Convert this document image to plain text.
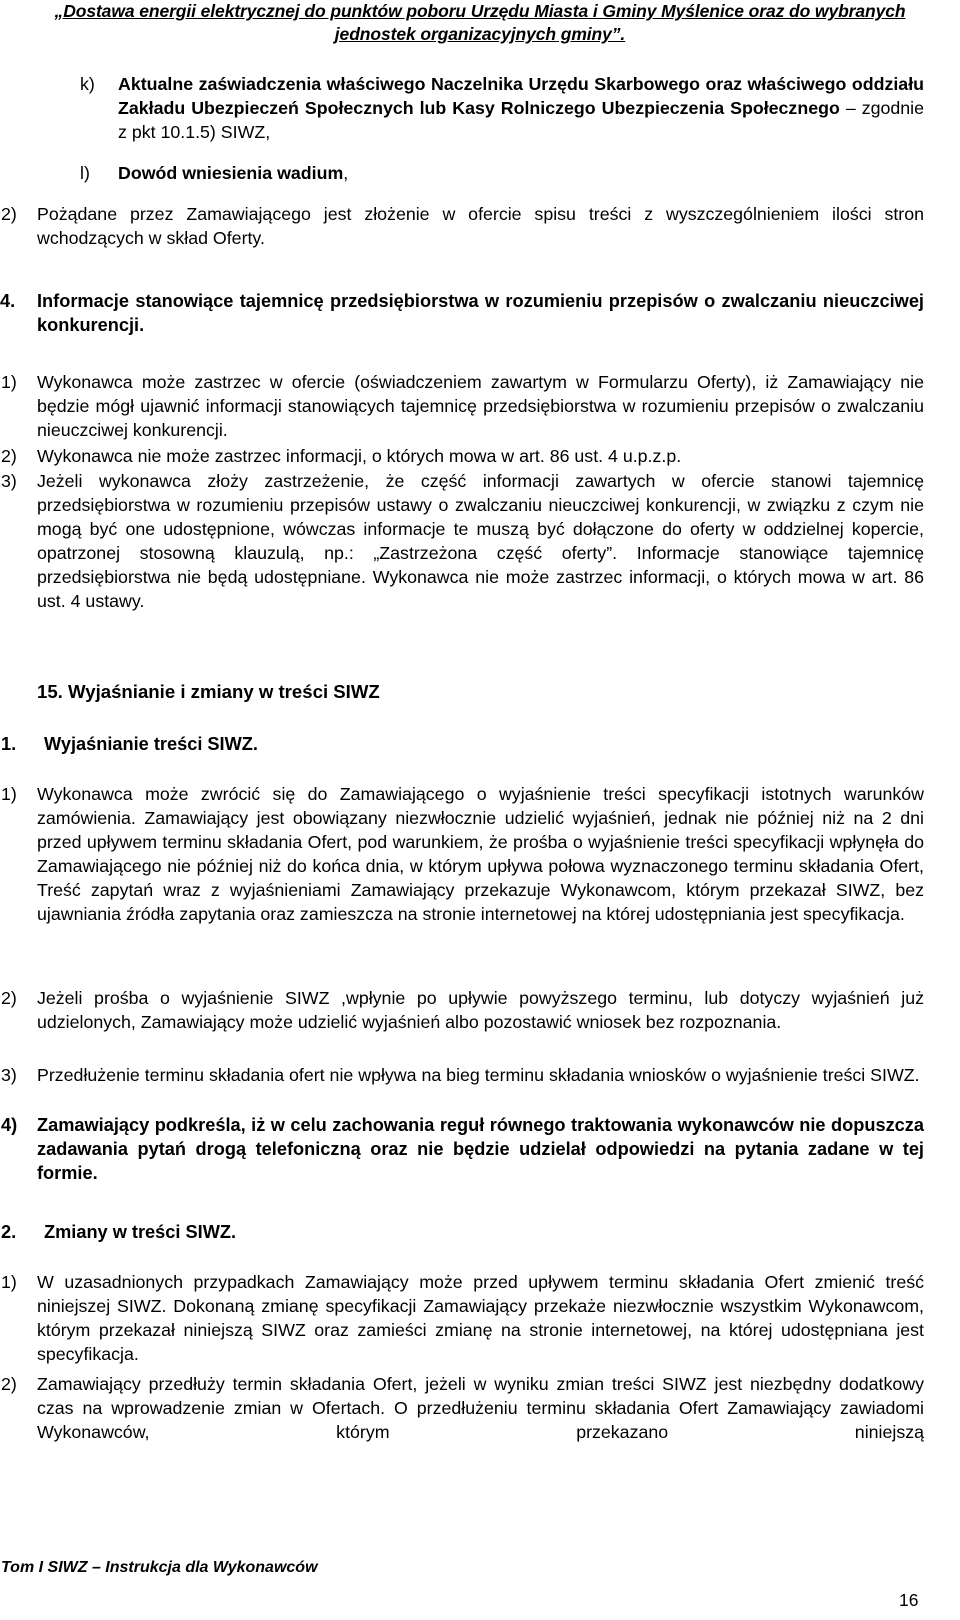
„Dostawa energii elektrycznej do punktów poboru Urzędu Miasta i Gminy Myślenice oraz do wybranych
jednostek organizacyjnych gminy”.
k) Aktualne zaświadczenia właściwego Naczelnika Urzędu Skarbowego oraz właściwego oddziału Zakładu Ubezpieczeń Społecznych lub Kasy Rolniczego Ubezpieczenia Społecznego – zgodnie z pkt 10.1.5) SIWZ,
l) Dowód wniesienia wadium,
2) Pożądane przez Zamawiającego jest złożenie w ofercie spisu treści z wyszczególnieniem ilości stron wchodzących w skład Oferty.
4. Informacje stanowiące tajemnicę przedsiębiorstwa w rozumieniu przepisów o zwalczaniu nieuczciwej konkurencji.
1) Wykonawca może zastrzec w ofercie (oświadczeniem zawartym w Formularzu Oferty), iż Zamawiający nie będzie mógł ujawnić informacji stanowiących tajemnicę przedsiębiorstwa w rozumieniu przepisów o zwalczaniu nieuczciwej konkurencji.
2) Wykonawca nie może zastrzec informacji, o których mowa w art. 86 ust. 4 u.p.z.p.
3) Jeżeli wykonawca złoży zastrzeżenie, że część informacji zawartych w ofercie stanowi tajemnicę przedsiębiorstwa w rozumieniu przepisów ustawy o zwalczaniu nieuczciwej konkurencji, w związku z czym nie mogą być one udostępnione, wówczas informacje te muszą być dołączone do oferty w oddzielnej kopercie, opatrzonej stosowną klauzulą, np.: „Zastrzeżona część oferty”. Informacje stanowiące tajemnicę przedsiębiorstwa nie będą udostępniane. Wykonawca nie może zastrzec informacji, o których mowa w art. 86 ust. 4 ustawy.
15. Wyjaśnianie i zmiany w treści SIWZ
1. Wyjaśnianie treści SIWZ.
1) Wykonawca może zwrócić się do Zamawiającego o wyjaśnienie treści specyfikacji istotnych warunków zamówienia. Zamawiający jest obowiązany niezwłocznie udzielić wyjaśnień, jednak nie później niż na 2 dni przed upływem terminu składania Ofert, pod warunkiem, że prośba o wyjaśnienie treści specyfikacji wpłynęła do Zamawiającego nie później niż do końca dnia, w którym upływa połowa wyznaczonego terminu składania Ofert, Treść zapytań wraz z wyjaśnieniami Zamawiający przekazuje Wykonawcom, którym przekazał SIWZ, bez ujawniania źródła zapytania oraz zamieszcza na stronie internetowej na której udostępniania jest specyfikacja.
2) Jeżeli prośba o wyjaśnienie SIWZ ,wpłynie po upływie powyższego terminu, lub dotyczy wyjaśnień już udzielonych, Zamawiający może udzielić wyjaśnień albo pozostawić wniosek bez rozpoznania.
3) Przedłużenie terminu składania ofert nie wpływa na bieg terminu składania wniosków o wyjaśnienie treści SIWZ.
4) Zamawiający podkreśla, iż w celu zachowania reguł równego traktowania wykonawców nie dopuszcza zadawania pytań drogą telefoniczną oraz nie będzie udzielał odpowiedzi na pytania zadane w tej formie.
2. Zmiany w treści SIWZ.
1) W uzasadnionych przypadkach Zamawiający może przed upływem terminu składania Ofert zmienić treść niniejszej SIWZ. Dokonaną zmianę specyfikacji Zamawiający przekaże niezwłocznie wszystkim Wykonawcom, którym przekazał niniejszą SIWZ oraz zamieści zmianę na stronie internetowej, na której udostępniana jest specyfikacja.
2) Zamawiający przedłuży termin składania Ofert, jeżeli w wyniku zmian treści SIWZ jest niezbędny dodatkowy czas na wprowadzenie zmian w Ofertach. O przedłużeniu terminu składania Ofert Zamawiający zawiadomi Wykonawców, którym przekazano niniejszą
Tom I SIWZ – Instrukcja dla Wykonawców
16
